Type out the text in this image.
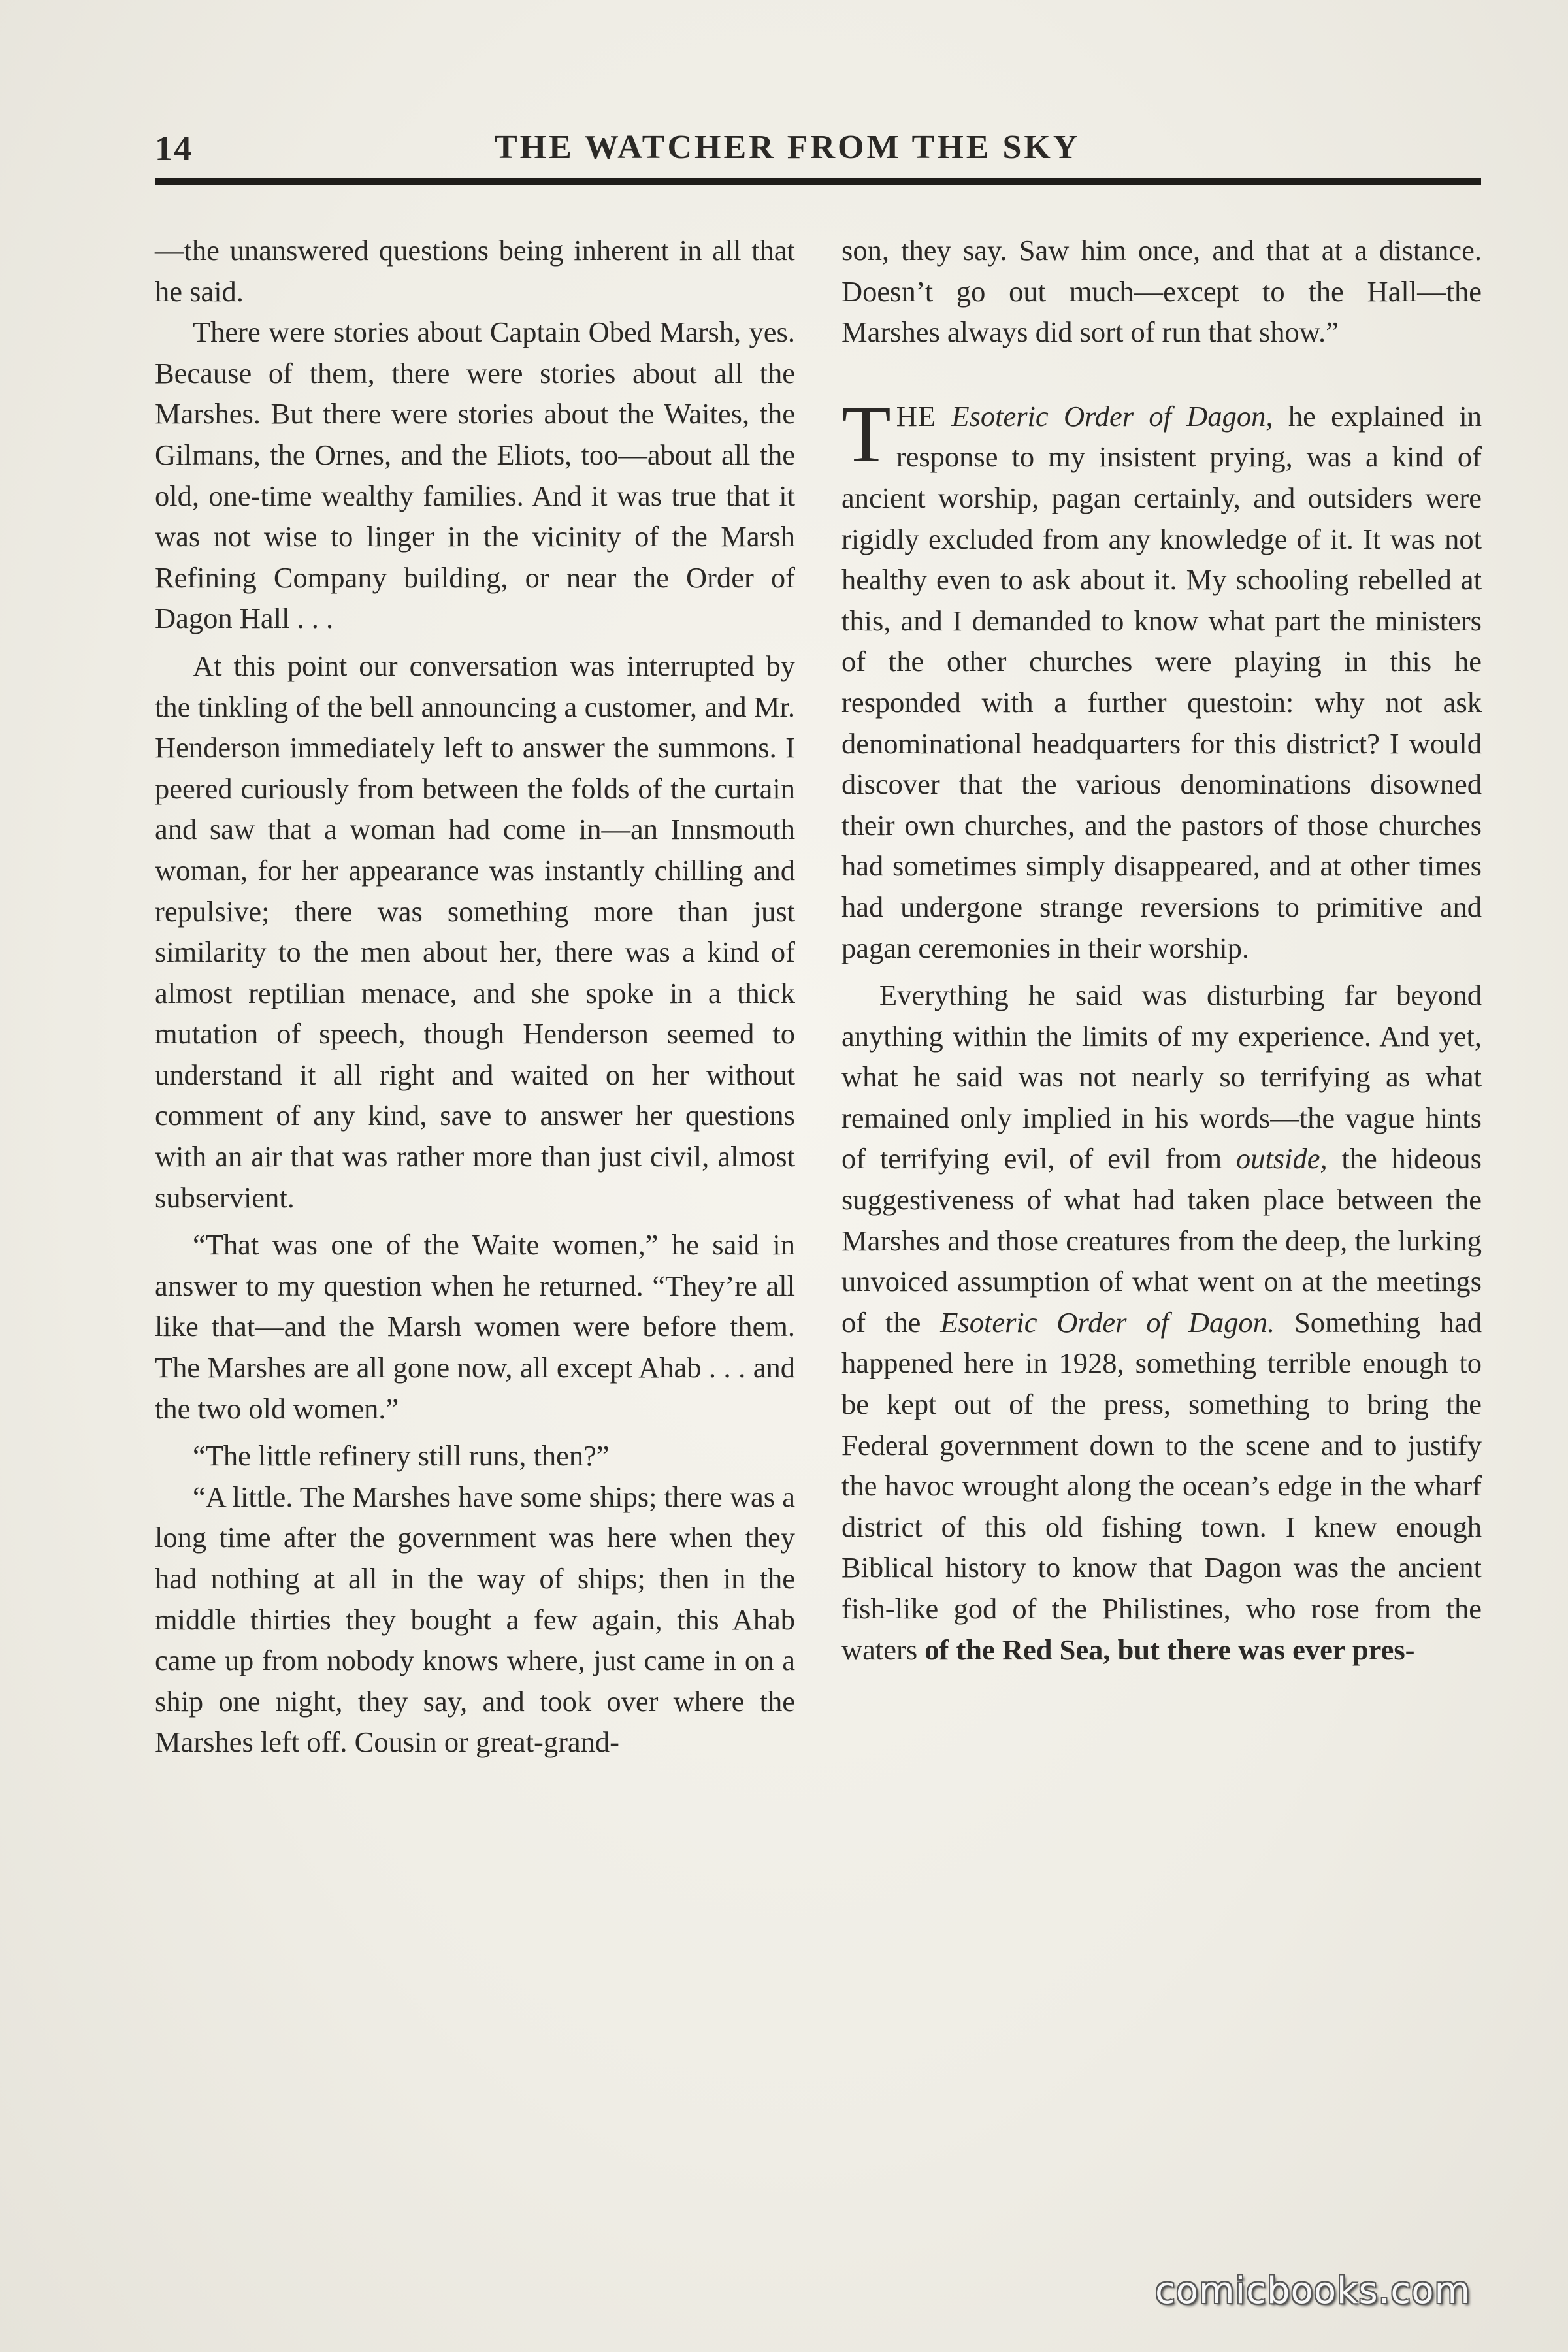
14	THE WATCHER FROM THE SKY

—the unanswered questions being inherent in all that he said.

There were stories about Captain Obed Marsh, yes. Because of them, there were stories about all the Marshes. But there were stories about the Waites, the Gilmans, the Ornes, and the Eliots, too—about all the old, one-time wealthy families. And it was true that it was not wise to linger in the vicinity of the Marsh Refining Company building, or near the Order of Dagon Hall . . .

At this point our conversation was interrupted by the tinkling of the bell announcing a customer, and Mr. Henderson immediately left to answer the summons. I peered curiously from between the folds of the curtain and saw that a woman had come in—an Innsmouth woman, for her appearance was instantly chilling and repulsive; there was something more than just similarity to the men about her, there was a kind of almost reptilian menace, and she spoke in a thick mutation of speech, though Henderson seemed to understand it all right and waited on her without comment of any kind, save to answer her questions with an air that was rather more than just civil, almost subservient.

“That was one of the Waite women,” he said in answer to my question when he returned. “They’re all like that—and the Marsh women were before them. The Marshes are all gone now, all except Ahab . . . and the two old women.”

“The little refinery still runs, then?”

“A little. The Marshes have some ships; there was a long time after the government was here when they had nothing at all in the way of ships; then in the middle thirties they bought a few again, this Ahab came up from nobody knows where, just came in on a ship one night, they say, and took over where the Marshes left off. Cousin or great-grand-

son, they say. Saw him once, and that at a distance. Doesn’t go out much—except to the Hall—the Marshes always did sort of run that show.”

THE Esoteric Order of Dagon, he explained in response to my insistent prying, was a kind of ancient worship, pagan certainly, and outsiders were rigidly excluded from any knowledge of it. It was not healthy even to ask about it. My schooling rebelled at this, and I demanded to know what part the ministers of the other churches were playing in this he responded with a further questoin: why not ask denominational headquarters for this district? I would discover that the various denominations disowned their own churches, and the pastors of those churches had sometimes simply disappeared, and at other times had undergone strange reversions to primitive and pagan ceremonies in their worship.

Everything he said was disturbing far beyond anything within the limits of my experience. And yet, what he said was not nearly so terrifying as what remained only implied in his words—the vague hints of terrifying evil, of evil from outside, the hideous suggestiveness of what had taken place between the Marshes and those creatures from the deep, the lurking unvoiced assumption of what went on at the meetings of the Esoteric Order of Dagon. Something had happened here in 1928, something terrible enough to be kept out of the press, something to bring the Federal government down to the scene and to justify the havoc wrought along the ocean’s edge in the wharf district of this old fishing town. I knew enough Biblical history to know that Dagon was the ancient fish-like god of the Philistines, who rose from the waters of the Red Sea, but there was ever pres-

comicbooks.com
